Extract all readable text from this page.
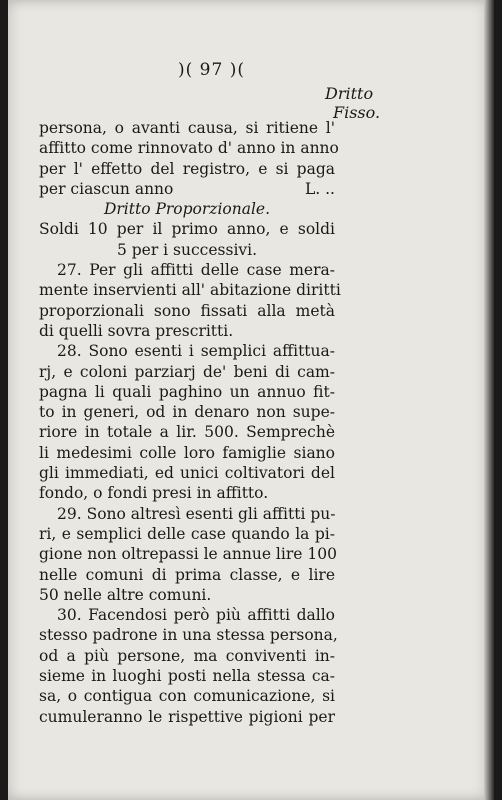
)( 97 )(
Dritto
Fisso.
persona, o avanti causa, si ritiene l'
affitto come rinnovato d' anno in anno
per l' effetto del registro, e si paga
per ciascun anno	L. ..
Dritto Proporzionale.
Soldi 10 per il primo anno, e soldi
5 per i successivi.
27. Per gli affitti delle case mera-
mente inservienti all' abitazione diritti
proporzionali sono fissati alla metà
di quelli sovra prescritti.
28. Sono esenti i semplici affittua-
rj, e coloni parziarj de' beni di cam-
pagna li quali paghino un annuo fit-
to in generi, od in denaro non supe-
riore in totale a lir. 500. Semprechè
li medesimi colle loro famiglie siano
gli immediati, ed unici coltivatori del
fondo, o fondi presi in affitto.
29. Sono altresì esenti gli affitti pu-
ri, e semplici delle case quando la pi-
gione non oltrepassi le annue lire 100
nelle comuni di prima classe, e lire
50 nelle altre comuni.
30. Facendosi però più affitti dallo
stesso padrone in una stessa persona,
od a più persone, ma conviventi in-
sieme in luoghi posti nella stessa ca-
sa, o contigua con comunicazione, si
cumuleranno le rispettive pigioni per
